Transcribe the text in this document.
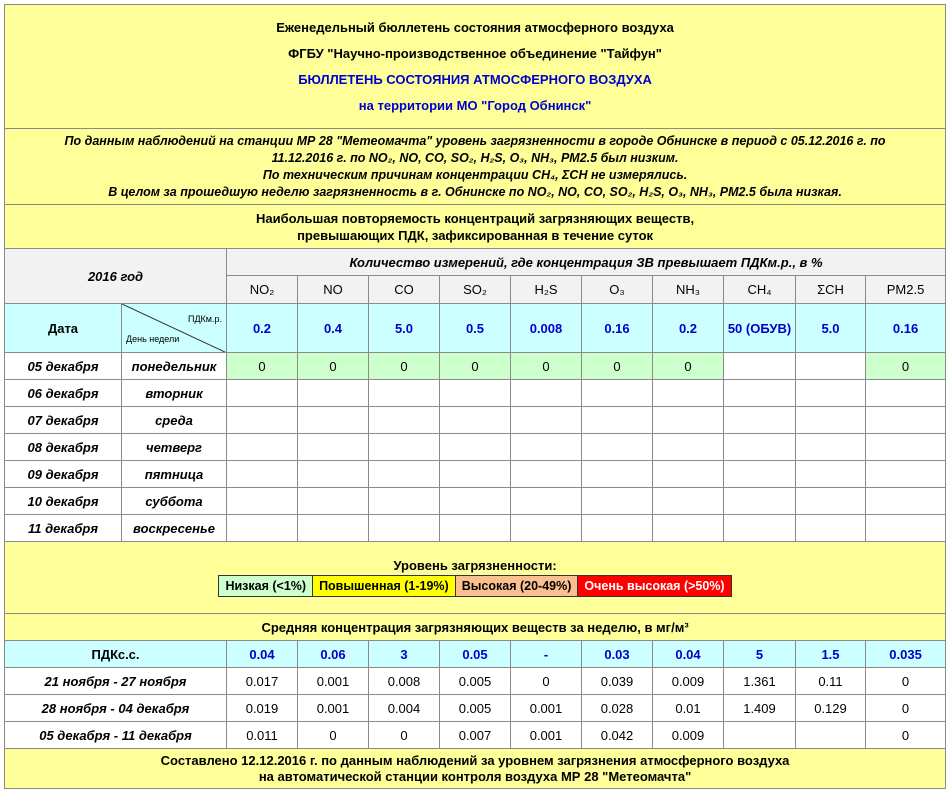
Еженедельный бюллетень состояния атмосферного воздуха

ФГБУ "Научно-производственное объединение "Тайфун"

БЮЛЛЕТЕНЬ СОСТОЯНИЯ АТМОСФЕРНОГО ВОЗДУХА

на территории МО "Город Обнинск"											

По данным наблюдений на станции МР 28 "Метеомачта" уровень загрязненности в городе Обнинске в период с 05.12.2016 г. по
11.12.2016 г. по NO₂, NO, CO, SO₂, H₂S, O₃, NH₃, PM2.5 был низким.
По техническим причинам концентрации CH₄, ΣCH не измерялись.
В целом за прошедшую неделю загрязненность в г. Обнинске по NO₂, NO, CO, SO₂, H₂S, O₃, NH₃, PM2.5 была низкая.											

Наибольшая повторяемость концентраций загрязняющих веществ,
превышающих ПДК, зафиксированная в течение суток											

2016 год		Количество измерений, где концентрация ЗВ превышает ПДКм.р., в %									
		NO₂	NO	CO	SO₂	H₂S	O₃	NH₃	CH₄	ΣCH	PM2.5
Дата	ПДКм.р.
День недели	0.2	0.4	5.0	0.5	0.008	0.16	0.2	50 (ОБУВ)	5.0	0.16
05 декабря	понедельник	0	0	0	0	0	0	0			0
06 декабря	вторник										
07 декабря	среда										
08 декабря	четверг										
09 декабря	пятница										
10 декабря	суббота										
11 декабря	воскресенье										

Уровень загрязненности:
Низкая (<1%)	Повышенная (1-19%)	Высокая (20-49%)	Очень высокая (>50%)											
Средняя концентрация загрязняющих веществ за неделю, в мг/м³											
ПДКс.с.		0.04	0.06	3	0.05	-	0.03	0.04	5	1.5	0.035
21 ноября - 27 ноября		0.017	0.001	0.008	0.005	0	0.039	0.009	1.361	0.11	0
28 ноября - 04 декабря		0.019	0.001	0.004	0.005	0.001	0.028	0.01	1.409	0.129	0
05 декабря - 11 декабря		0.011	0	0	0.007	0.001	0.042	0.009			0

Составлено 12.12.2016 г. по данным наблюдений за уровнем загрязнения атмосферного воздуха
на автоматической станции контроля воздуха МР 28 "Метеомачта"											
